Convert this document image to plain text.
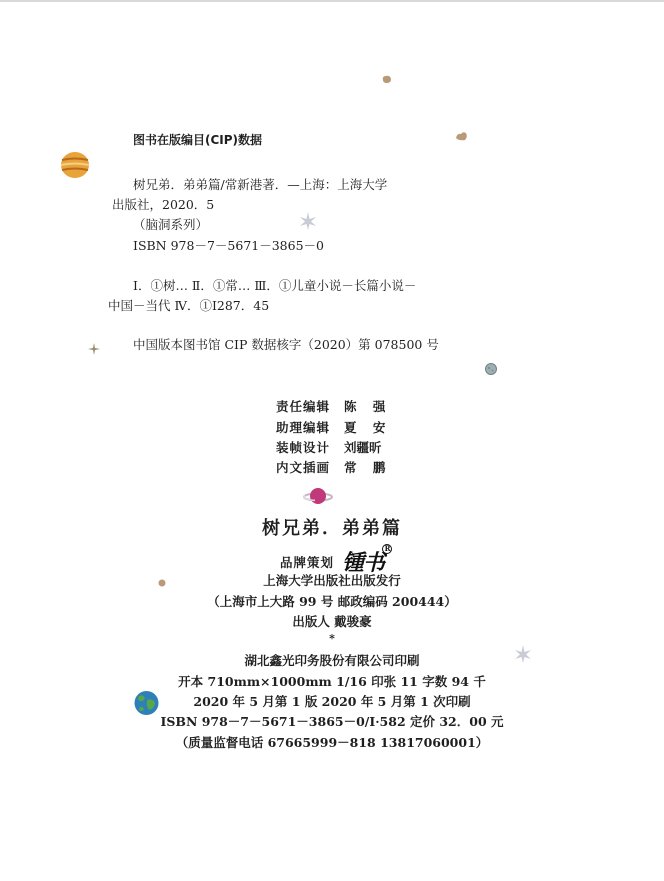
图书在版编目(CIP)数据
树兄弟．弟弟篇/常新港著．—上海：上海大学
出版社，2020．5
（脑洞系列）
ISBN 978－7－5671－3865－0
Ⅰ．①树… Ⅱ．①常… Ⅲ．①儿童小说－长篇小说－
中国－当代 Ⅳ．①I287．45
中国版本图书馆 CIP 数据核字（2020）第 078500 号
责任编辑 陈 强
助理编辑 夏 安
装帧设计 刘疆昕
内文插画 常 鹏
树兄弟．弟弟篇
品牌策划 锺书
R
上海大学出版社出版发行
（上海市上大路 99 号 邮政编码 200444）
出版人 戴骏豪
*
湖北鑫光印务股份有限公司印刷
开本 710mm×1000mm 1/16 印张 11 字数 94 千
2020 年 5 月第 1 版 2020 年 5 月第 1 次印刷
ISBN 978－7－5671－3865－0/I·582 定价 32．00 元
（质量监督电话 67665999－818 13817060001）
